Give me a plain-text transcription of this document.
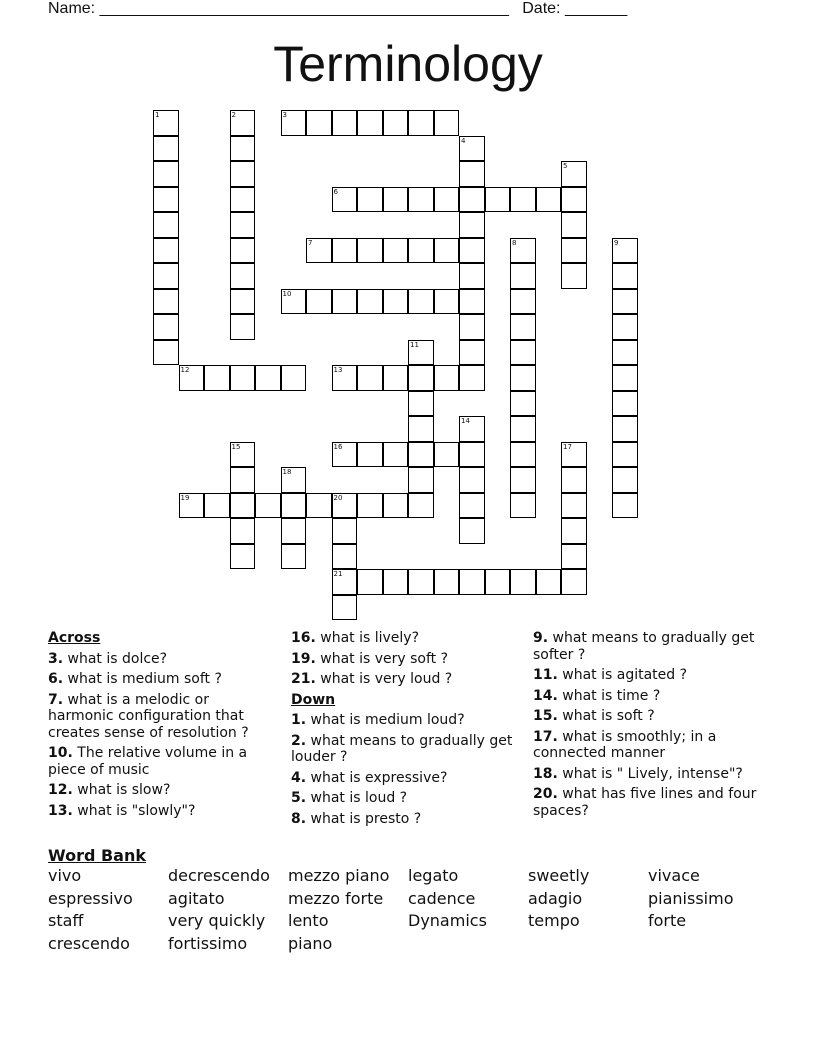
Name: ______________________________________________ Date: _______
Terminology
1	2	3
4
5
6
7	8	9
10
11
12	13
14
15	16	17
18
19	20
21
Across
3. what is dolce?
6. what is medium soft ?
7. what is a melodic or harmonic configuration that creates sense of resolution ?
10. The relative volume in a piece of music
12. what is slow?
13. what is "slowly"?
16. what is lively?
19. what is very soft ?
21. what is very loud ?
Down
1. what is medium loud?
2. what means to gradually get louder ?
4. what is expressive?
5. what is loud ?
8. what is presto ?
9. what means to gradually get softer ?
11. what is agitated ?
14. what is time ?
15. what is soft ?
17. what is smoothly; in a connected manner
18. what is " Lively, intense"?
20. what has five lines and four spaces?
Word Bank
vivo	decrescendo	mezzo piano	legato	sweetly	vivace
espressivo	agitato	mezzo forte	cadence	adagio	pianissimo
staff	very quickly	lento	Dynamics	tempo	forte
crescendo	fortissimo	piano
